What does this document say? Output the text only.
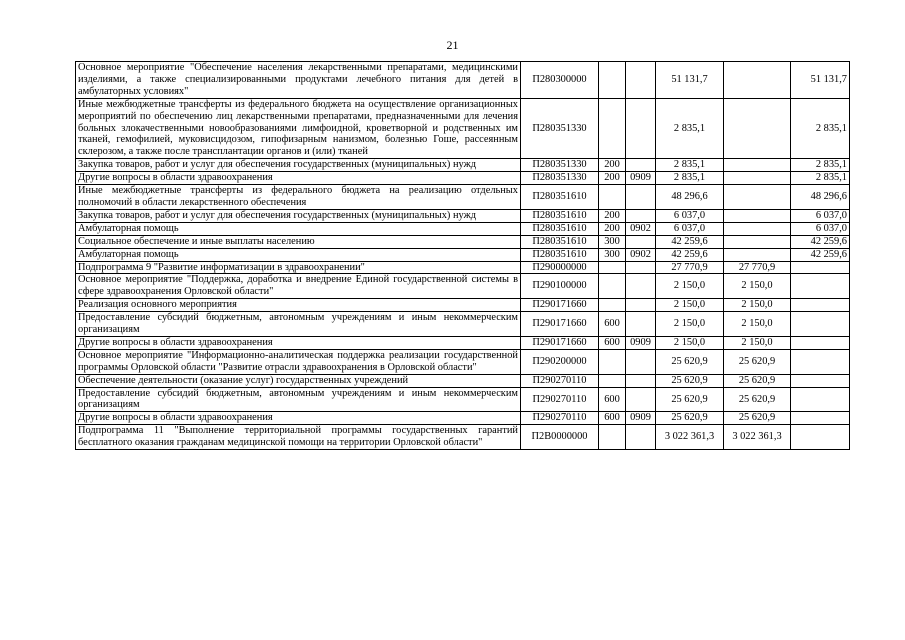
21
Основное мероприятие "Обеспечение населения лекарственными препаратами, медицинскими изделиями, а также специализированными продуктами лечебного питания для детей в амбулаторных условиях"	П280300000			51 131,7		51 131,7
Иные межбюджетные трансферты из федерального бюджета на осуществление организационных мероприятий по обеспечению лиц лекарственными препаратами, предназначенными для лечения больных злокачественными новообразованиями лимфоидной, кроветворной и родственных им тканей, гемофилией, муковисцидозом, гипофизарным нанизмом, болезнью Гоше, рассеянным склерозом, а также после трансплантации органов и (или) тканей	П280351330			2 835,1		2 835,1
Закупка товаров, работ и услуг для обеспечения государственных (муниципальных) нужд	П280351330	200		2 835,1		2 835,1
Другие вопросы в области здравоохранения	П280351330	200	0909	2 835,1		2 835,1
Иные межбюджетные трансферты из федерального бюджета на реализацию отдельных полномочий в области лекарственного обеспечения	П280351610			48 296,6		48 296,6
Закупка товаров, работ и услуг для обеспечения государственных (муниципальных) нужд	П280351610	200		6 037,0		6 037,0
Амбулаторная помощь	П280351610	200	0902	6 037,0		6 037,0
Социальное обеспечение и иные выплаты населению	П280351610	300		42 259,6		42 259,6
Амбулаторная помощь	П280351610	300	0902	42 259,6		42 259,6
Подпрограмма 9 "Развитие информатизации в здравоохранении"	П290000000			27 770,9	27 770,9	
Основное мероприятие "Поддержка, доработка и внедрение Единой государственной системы в сфере здравоохранения Орловской области"	П290100000			2 150,0	2 150,0	
Реализация основного мероприятия	П290171660			2 150,0	2 150,0	
Предоставление субсидий бюджетным, автономным учреждениям и иным некоммерческим организациям	П290171660	600		2 150,0	2 150,0	
Другие вопросы в области здравоохранения	П290171660	600	0909	2 150,0	2 150,0	
Основное мероприятие "Информационно-аналитическая поддержка реализации государственной программы Орловской области "Развитие отрасли здравоохранения в Орловской области"	П290200000			25 620,9	25 620,9	
Обеспечение деятельности (оказание услуг) государственных учреждений	П290270110			25 620,9	25 620,9	
Предоставление субсидий бюджетным, автономным учреждениям и иным некоммерческим организациям	П290270110	600		25 620,9	25 620,9	
Другие вопросы в области здравоохранения	П290270110	600	0909	25 620,9	25 620,9	
Подпрограмма 11 "Выполнение территориальной программы государственных гарантий бесплатного оказания гражданам медицинской помощи на территории Орловской области"	П2В0000000			3 022 361,3	3 022 361,3	
